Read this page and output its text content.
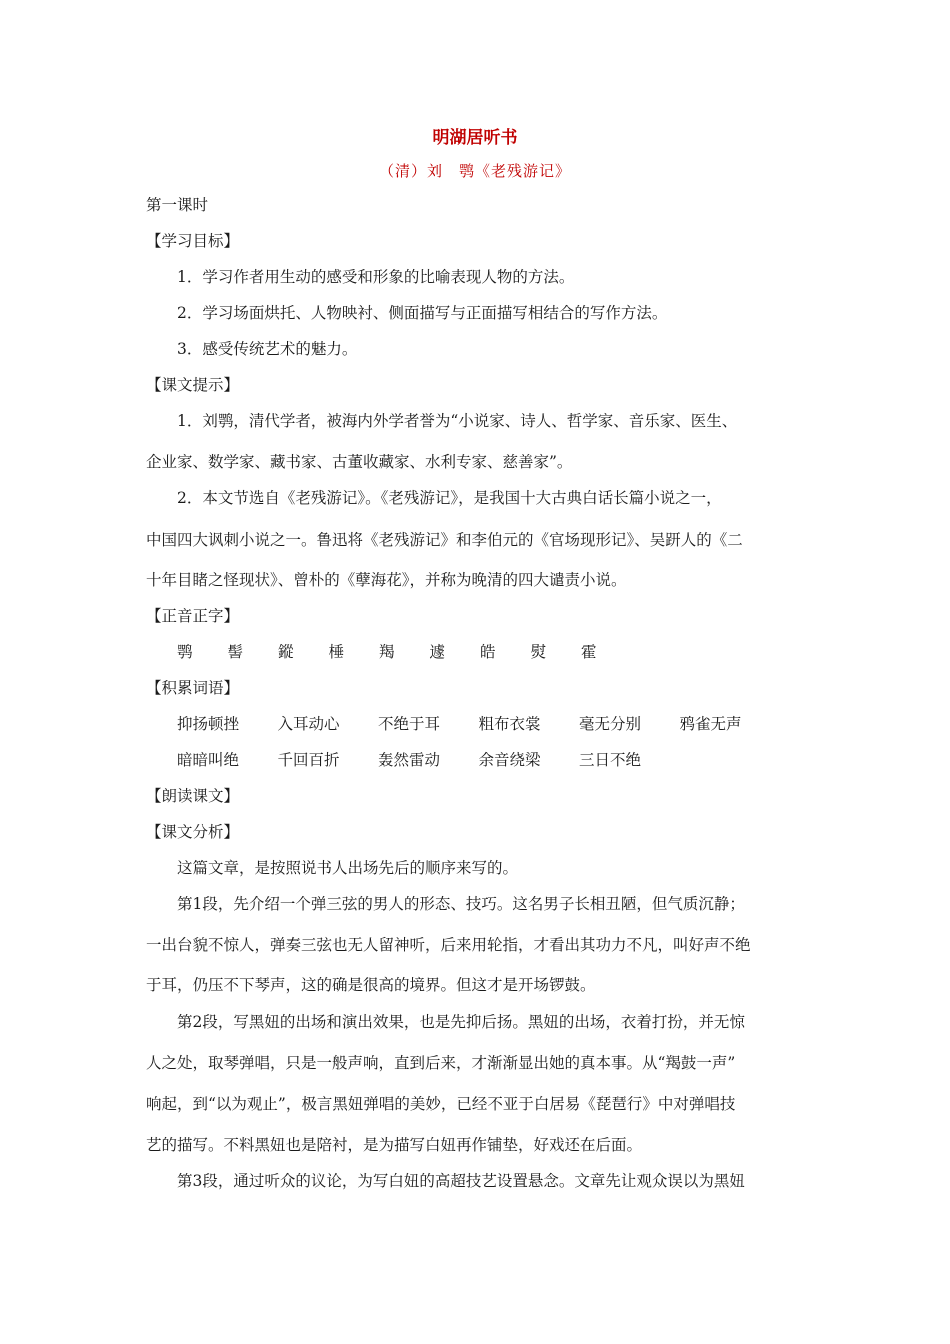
明湖居听书
（清）刘　鹗《老残游记》
第一课时
【学习目标】
1．学习作者用生动的感受和形象的比喻表现人物的方法。
2．学习场面烘托、人物映衬、侧面描写与正面描写相结合的写作方法。
3．感受传统艺术的魅力。
【课文提示】
1．刘鹗，清代学者，被海内外学者誉为“小说家、诗人、哲学家、音乐家、医生、
企业家、数学家、藏书家、古董收藏家、水利专家、慈善家”。
2．本文节选自《老残游记》。《老残游记》，是我国十大古典白话长篇小说之一，
中国四大讽刺小说之一。鲁迅将《老残游记》和李伯元的《官场现形记》、吴趼人的《二
十年目睹之怪现状》、曾朴的《孽海花》，并称为晚清的四大谴责小说。
【正音正字】
鹗	髻	鏦	棰	羯	遽	皓	熨	霍
【积累词语】
抑扬顿挫	入耳动心	不绝于耳	粗布衣裳	毫无分别	鸦雀无声
暗暗叫绝	千回百折	轰然雷动	余音绕梁	三日不绝
【朗读课文】
【课文分析】
这篇文章，是按照说书人出场先后的顺序来写的。
第1段，先介绍一个弹三弦的男人的形态、技巧。这名男子长相丑陋，但气质沉静；
一出台貌不惊人，弹奏三弦也无人留神听，后来用轮指，才看出其功力不凡，叫好声不绝
于耳，仍压不下琴声，这的确是很高的境界。但这才是开场锣鼓。
第2段，写黑妞的出场和演出效果，也是先抑后扬。黑妞的出场，衣着打扮，并无惊
人之处，取琴弹唱，只是一般声响，直到后来，才渐渐显出她的真本事。从“羯鼓一声”
响起，到“以为观止”，极言黑妞弹唱的美妙，已经不亚于白居易《琵琶行》中对弹唱技
艺的描写。不料黑妞也是陪衬，是为描写白妞再作铺垫，好戏还在后面。
第3段，通过听众的议论，为写白妞的高超技艺设置悬念。文章先让观众误以为黑妞
